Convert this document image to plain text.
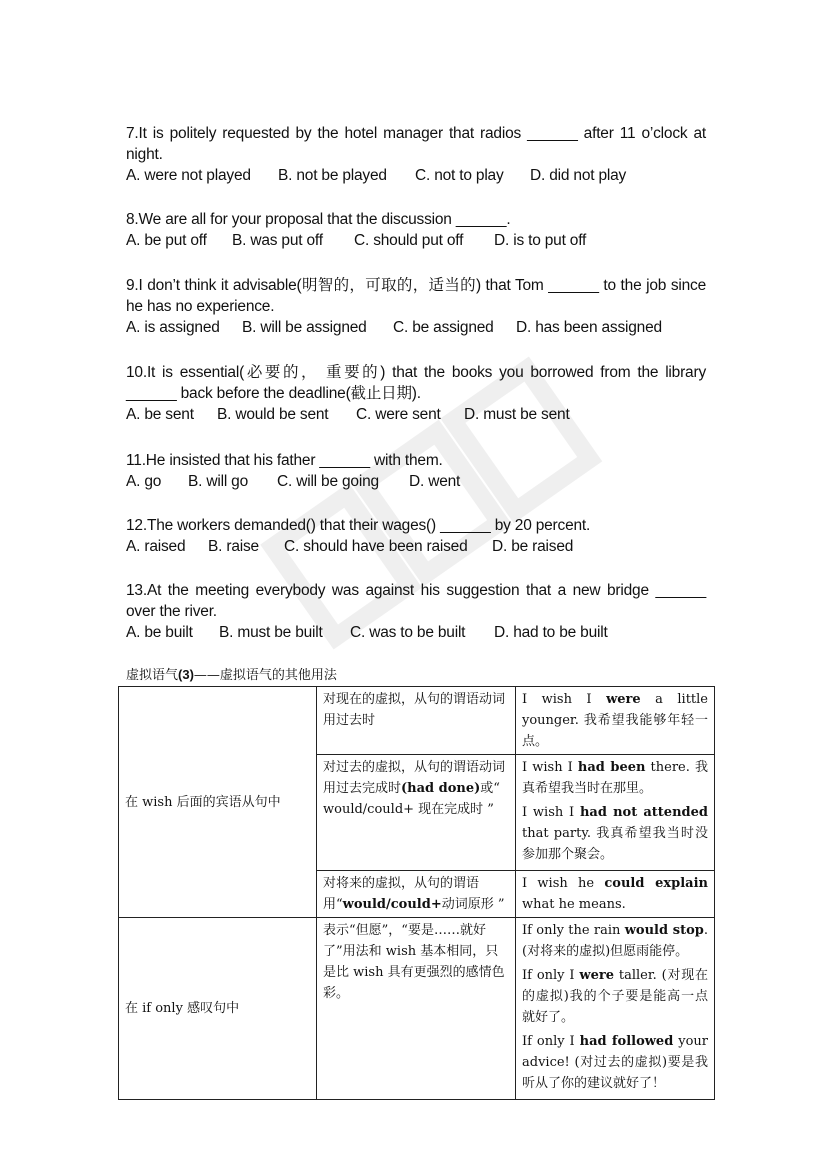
7.It is politely requested by the hotel manager that radios ______ after 11 o’clock at night.

A. were not played B. not be played C. not to play D. did not play

8.We are all for your proposal that the discussion ______.

A. be put off B. was put off C. should put off D. is to put off

9.I don’t think it advisable(明智的，可取的，适当的) that Tom ______ to the job since he has no experience.

A. is assigned B. will be assigned C. be assigned D. has been assigned

10.It is essential(必要的， 重要的) that the books you borrowed from the library ______ back before the deadline(截止日期).

A. be sent B. would be sent C. were sent D. must be sent

11.He insisted that his father ______ with them.

A. go B. will go C. will be going D. went

12.The workers demanded() that their wages() ______ by 20 percent.

A. raised B. raise C. should have been raised D. be raised

13.At the meeting everybody was against his suggestion that a new bridge ______ over the river.

A. be built B. must be built C. was to be built D. had to be built

虚拟语气(3)——虚拟语气的其他用法
在 wish 后面的宾语从句中	对现在的虚拟，从句的谓语动词用过去时	I wish I were a little younger. 我希望我能够年轻一点。
	对过去的虚拟，从句的谓语动词用过去完成时(had done)或“ would/could+ 现在完成时 ”	I wish I had been there. 我真希望我当时在那里。
I wish I had not attended that party. 我真希望我当时没参加那个聚会。

	对将来的虚拟，从句的谓语用“would/could+动词原形 ”	I wish he could explain what he means.
在 if only 感叹句中	表示“但愿”，“要是……就好了”用法和 wish 基本相同，只是比 wish 具有更强烈的感情色彩。	If only the rain would stop. (对将来的虚拟)但愿雨能停。
If only I were taller. (对现在的虚拟)我的个子要是能高一点就好了。
If only I had followed your advice! (对过去的虚拟)要是我听从了你的建议就好了！
